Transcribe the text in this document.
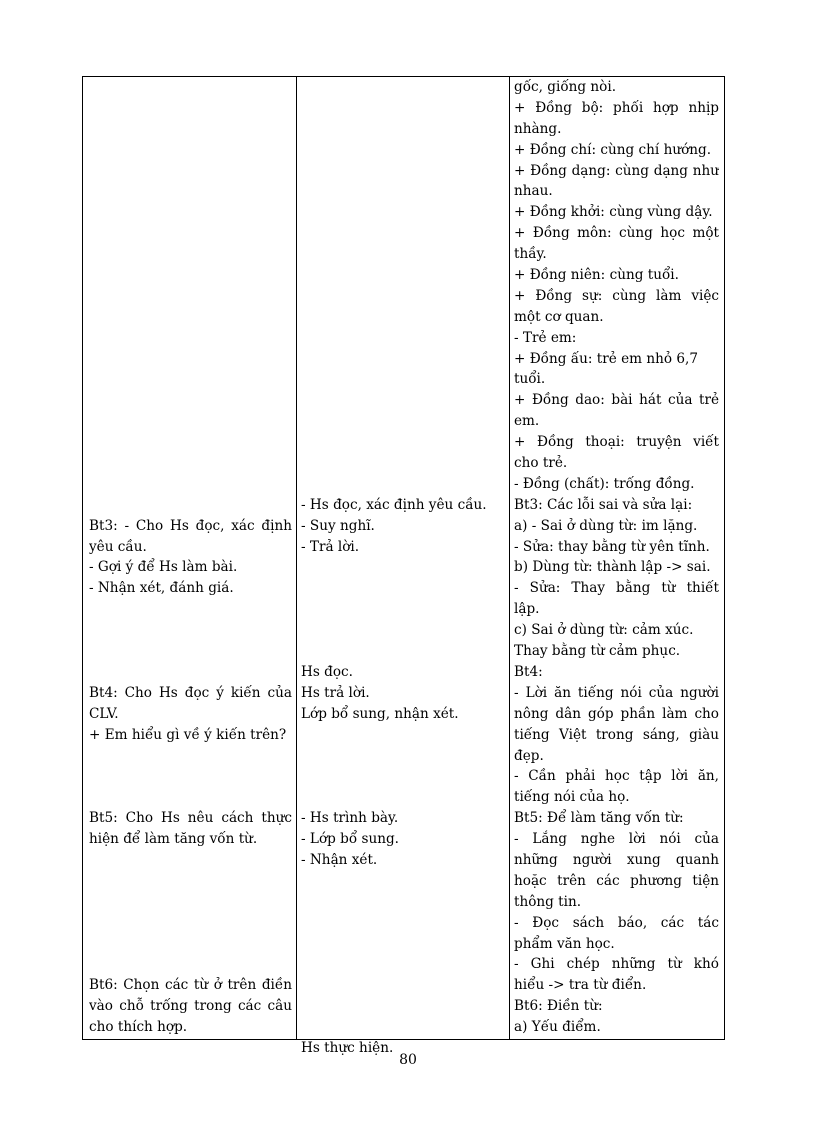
Bt3: - Cho Hs đọc, xác định
yêu cầu.
- Gợi ý để Hs làm bài.
- Nhận xét, đánh giá.
Bt4: Cho Hs đọc ý kiến của
CLV.
+ Em hiểu gì về ý kiến trên?
Bt5: Cho Hs nêu cách thực
hiện để làm tăng vốn từ.
Bt6: Chọn các từ ở trên điền
vào chỗ trống trong các câu
cho thích hợp.
- Hs đọc, xác định yêu cầu.
- Suy nghĩ.
- Trả lời.
Hs đọc.
Hs trả lời.
Lớp bổ sung, nhận xét.
- Hs trình bày.
- Lớp bổ sung.
- Nhận xét.
Hs thực hiện.
gốc, giống nòi.
+ Đồng bộ: phối hợp nhịp
nhàng.
+ Đồng chí: cùng chí hướng.
+ Đồng dạng: cùng dạng như
nhau.
+ Đồng khởi: cùng vùng dậy.
+ Đồng môn: cùng học một
thầy.
+ Đồng niên: cùng tuổi.
+ Đồng sự: cùng làm việc
một cơ quan.
- Trẻ em:
+ Đồng ấu: trẻ em nhỏ 6,7
tuổi.
+ Đồng dao: bài hát của trẻ
em.
+ Đồng thoại: truyện viết
cho trẻ.
- Đồng (chất): trống đồng.
Bt3: Các lỗi sai và sửa lại:
a) - Sai ở dùng từ: im lặng.
- Sửa: thay bằng từ yên tĩnh.
b) Dùng từ: thành lập -> sai.
- Sửa: Thay bằng từ thiết
lập.
c) Sai ở dùng từ: cảm xúc.
Thay bằng từ cảm phục.
Bt4:
- Lời ăn tiếng nói của người
nông dân góp phần làm cho
tiếng Việt trong sáng, giàu
đẹp.
- Cần phải học tập lời ăn,
tiếng nói của họ.
Bt5: Để làm tăng vốn từ:
- Lắng nghe lời nói của
những người xung quanh
hoặc trên các phương tiện
thông tin.
- Đọc sách báo, các tác
phẩm văn học.
- Ghi chép những từ khó
hiểu -> tra từ điển.
Bt6: Điền từ:
a) Yếu điểm.
80
